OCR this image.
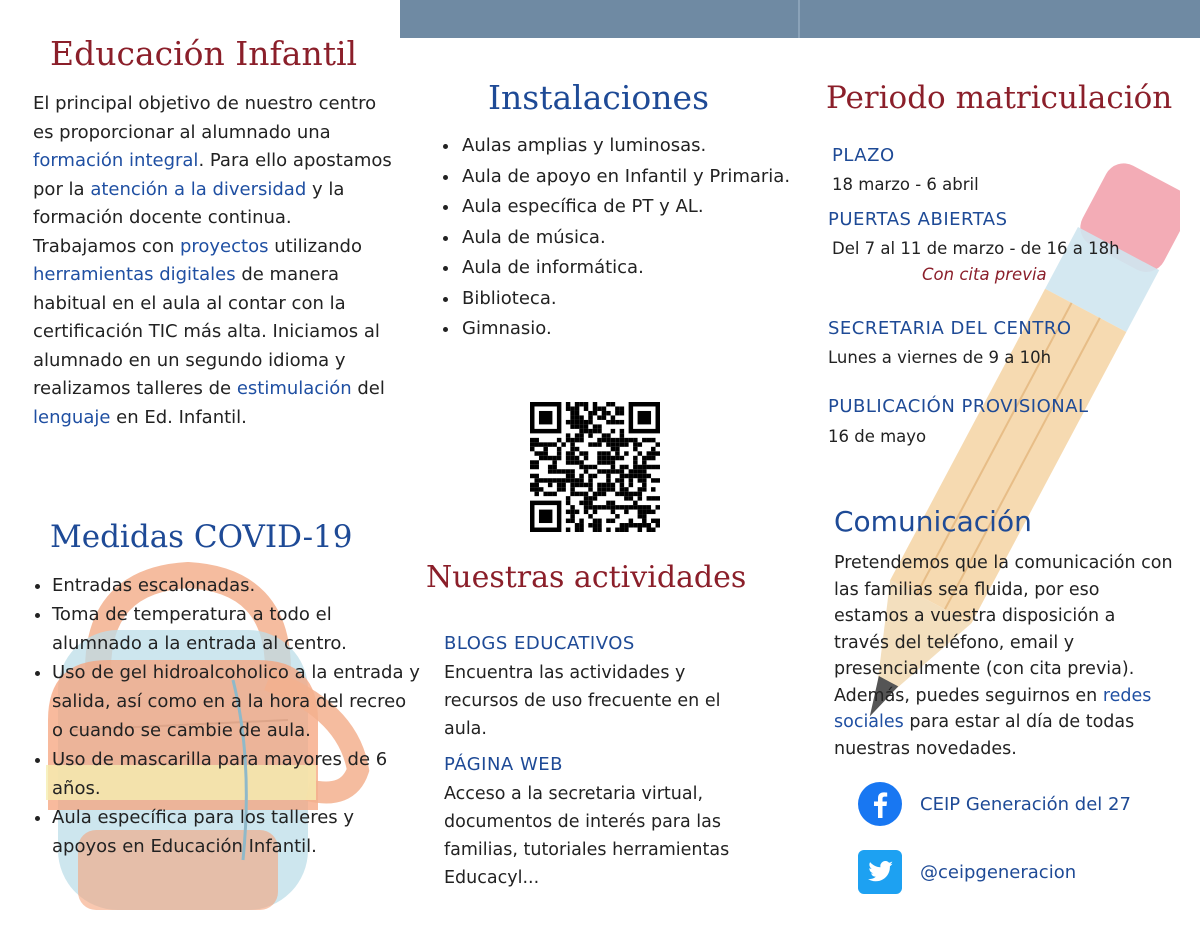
Educación Infantil

El principal objetivo de nuestro centro es proporcionar al alumnado una formación integral. Para ello apostamos por la atención a la diversidad y la formación docente continua. Trabajamos con proyectos utilizando herramientas digitales de manera habitual en el aula al contar con la certificación TIC más alta. Iniciamos al alumnado en un segundo idioma y realizamos talleres de estimulación del lenguaje en Ed. Infantil.

Medidas COVID-19
• Entradas escalonadas.
• Toma de temperatura a todo el alumnado a la entrada al centro.
• Uso de gel hidroalcoholico a la entrada y salida, así como en a la hora del recreo o cuando se cambie de aula.
• Uso de mascarilla para mayores de 6 años.
• Aula específica para los talleres y apoyos en Educación Infantil.
Instalaciones
• Aulas amplias y luminosas.
• Aula de apoyo en Infantil y Primaria.
• Aula específica de PT y AL.
• Aula de música.
• Aula de informática.
• Biblioteca.
• Gimnasio.
Nuestras actividades
BLOGS EDUCATIVOS
Encuentra las actividades y recursos de uso frecuente en el aula.
PÁGINA WEB
Acceso a la secretaria virtual, documentos de interés para las familias, tutoriales herramientas Educacyl...
Periodo matriculación
PLAZO
18 marzo - 6 abril
PUERTAS ABIERTAS
Del 7 al 11 de marzo - de 16 a 18h
Con cita previa
SECRETARIA DEL CENTRO
Lunes a viernes de 9 a 10h
PUBLICACIÓN PROVISIONAL
16 de mayo
Comunicación

Pretendemos que la comunicación con las familias sea fluida, por eso estamos a vuestra disposición a través del teléfono, email y presencialmente (con cita previa). Además, puedes seguirnos en redes sociales para estar al día de todas nuestras novedades.

CEIP Generación del 27
@ceipgeneracion
